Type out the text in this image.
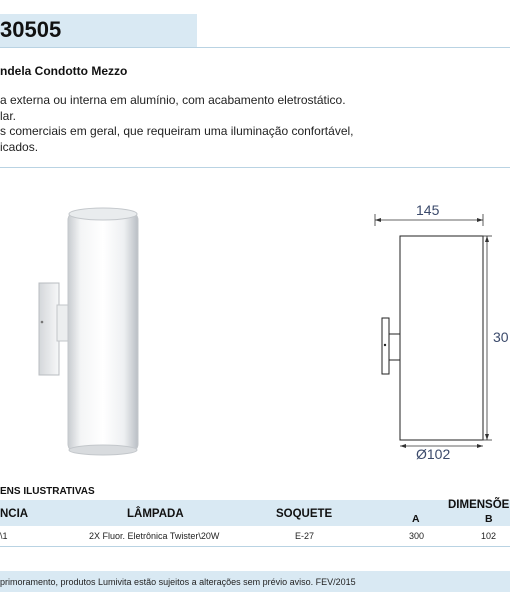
30505
ndela Condotto Mezzo
a externa ou interna em alumínio, com acabamento eletrostático.
lar.
s comerciais em geral, que requeiram uma iluminação confortável,
icados.
145
30
Ø102
ENS ILUSTRATIVAS
NCIA	LÂMPADA	SOQUETE
DIMENSÕE
A	B
\1	2X Fluor. Eletrônica Twister\20W	E-27	300	102
primoramento, produtos Lumivita estão sujeitos a alterações sem prévio aviso. FEV/2015
